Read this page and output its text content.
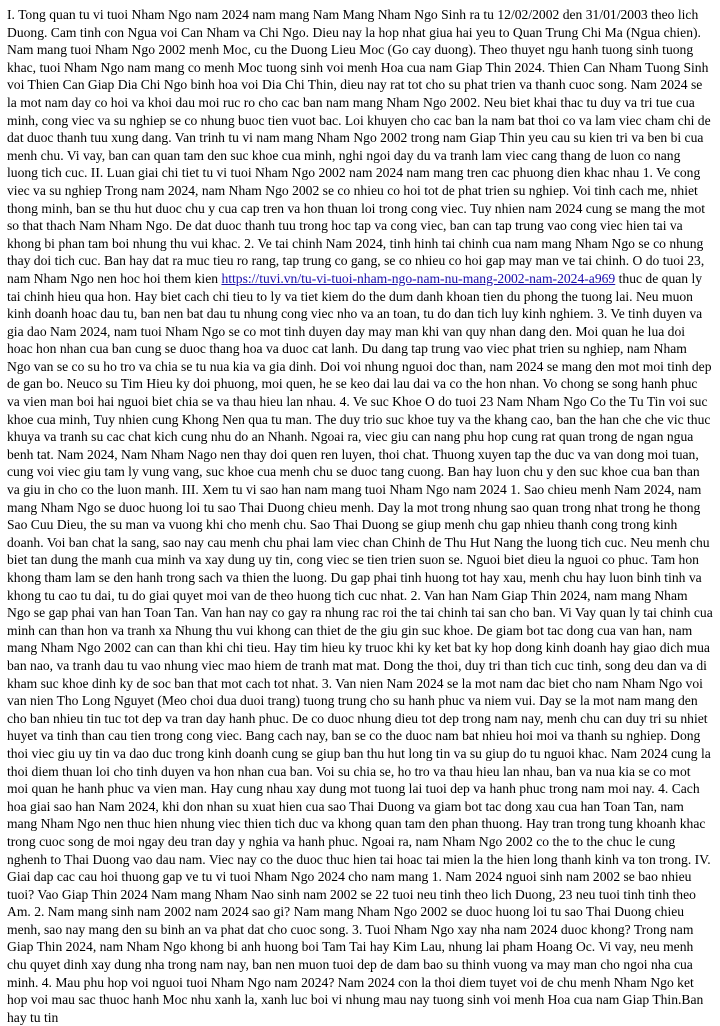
I. Tong quan tu vi tuoi Nham Ngo nam 2024 nam mang Nam Mang Nham Ngo Sinh ra tu 12/02/2002 den 31/01/2003 theo lich Duong. Cam tinh con Ngua voi Can Nham va Chi Ngo. Dieu nay la hop nhat giua hai yeu to Quan Trung Chi Ma (Ngua chien). Nam mang tuoi Nham Ngo 2002 menh Moc, cu the Duong Lieu Moc (Go cay duong). Theo thuyet ngu hanh tuong sinh tuong khac, tuoi Nham Ngo nam mang co menh Moc tuong sinh voi menh Hoa cua nam Giap Thin 2024. Thien Can Nham Tuong Sinh voi Thien Can Giap Dia Chi Ngo binh hoa voi Dia Chi Thin, dieu nay rat tot cho su phat trien va thanh cuoc song. Nam 2024 se la mot nam day co hoi va khoi dau moi ruc ro cho cac ban nam mang Nham Ngo 2002. Neu biet khai thac tu duy va tri tue cua minh, cong viec va su nghiep se co nhung buoc tien vuot bac. Loi khuyen cho cac ban la nam bat thoi co va lam viec cham chi de dat duoc thanh tuu xung dang. Van trinh tu vi nam mang Nham Ngo 2002 trong nam Giap Thin yeu cau su kien tri va ben bi cua menh chu. Vi vay, ban can quan tam den suc khoe cua minh, nghi ngoi day du va tranh lam viec cang thang de luon co nang luong tich cuc. II. Luan giai chi tiet tu vi tuoi Nham Ngo 2002 nam 2024 nam mang tren cac phuong dien khac nhau 1. Ve cong viec va su nghiep Trong nam 2024, nam Nham Ngo 2002 se co nhieu co hoi tot de phat trien su nghiep. Voi tinh cach me, nhiet thong minh, ban se thu hut duoc chu y cua cap tren va hon thuan loi trong cong viec. Tuy nhien nam 2024 cung se mang the mot so that thach Nam Nham Ngo. De dat duoc thanh tuu trong hoc tap va cong viec, ban can tap trung vao cong viec hien tai va khong bi phan tam boi nhung thu vui khac. 2. Ve tai chinh Nam 2024, tinh hinh tai chinh cua nam mang Nham Ngo se co nhung thay doi tich cuc. Ban hay dat ra muc tieu ro rang, tap trung co gang, se co nhieu co hoi gap may man ve tai chinh. O do tuoi 23, nam Nham Ngo nen hoc hoi them kien https://tuvi.vn/tu-vi-tuoi-nham-ngo-nam-nu-mang-2002-nam-2024-a969 thuc de quan ly tai chinh hieu qua hon. Hay biet cach chi tieu to ly va tiet kiem do the dum danh khoan tien du phong the tuong lai. Neu muon kinh doanh hoac dau tu, ban nen bat dau tu nhung cong viec nho va an toan, tu do dan tich luy kinh nghiem. 3. Ve tinh duyen va gia dao Nam 2024, nam tuoi Nham Ngo se co mot tinh duyen day may man khi van quy nhan dang den. Moi quan he lua doi hoac hon nhan cua ban cung se duoc thang hoa va duoc cat lanh. Du dang tap trung vao viec phat trien su nghiep, nam Nham Ngo van se co su ho tro va chia se tu nua kia va gia dinh. Doi voi nhung nguoi doc than, nam 2024 se mang den mot moi tinh dep de gan bo. Neuco su Tim Hieu ky doi phuong, moi quen, he se keo dai lau dai va co the hon nhan. Vo chong se song hanh phuc va vien man boi hai nguoi biet chia se va thau hieu lan nhau. 4. Ve suc Khoe O do tuoi 23 Nam Nham Ngo Co the Tu Tin voi suc khoe cua minh, Tuy nhien cung Khong Nen qua tu man. The duy trio suc khoe tuy va the khang cao, ban the han che che vic thuc khuya va tranh su cac chat kich cung nhu do an Nhanh. Ngoai ra, viec giu can nang phu hop cung rat quan trong de ngan ngua benh tat. Nam 2024, Nam Nham Nago nen thay doi quen ren luyen, thoi chat. Thuong xuyen tap the duc va van dong moi tuan, cung voi viec giu tam ly vung vang, suc khoe cua menh chu se duoc tang cuong. Ban hay luon chu y den suc khoe cua ban than va giu in cho co the luon manh. III. Xem tu vi sao han nam mang tuoi Nham Ngo nam 2024 1. Sao chieu menh Nam 2024, nam mang Nham Ngo se duoc huong loi tu sao Thai Duong chieu menh. Day la mot trong nhung sao quan trong nhat trong he thong Sao Cuu Dieu, the su man va vuong khi cho menh chu. Sao Thai Duong se giup menh chu gap nhieu thanh cong trong kinh doanh. Voi ban chat la sang, sao nay cau menh chu phai lam viec chan Chinh de Thu Hut Nang the luong tich cuc. Neu menh chu biet tan dung the manh cua minh va xay dung uy tin, cong viec se tien trien suon se. Nguoi biet dieu la nguoi co phuc. Tam hon khong tham lam se den hanh trong sach va thien the luong. Du gap phai tinh huong tot hay xau, menh chu hay luon binh tinh va khong tu cao tu dai, tu do giai quyet moi van de theo huong tich cuc nhat. 2. Van han Nam Giap Thin 2024, nam mang Nham Ngo se gap phai van han Toan Tan. Van han nay co gay ra nhung rac roi the tai chinh tai san cho ban. Vi Vay quan ly tai chinh cua minh can than hon va tranh xa Nhung thu vui khong can thiet de the giu gin suc khoe. De giam bot tac dong cua van han, nam mang Nham Ngo 2002 can can than khi chi tieu. Hay tim hieu ky truoc khi ky ket bat ky hop dong kinh doanh hay giao dich mua ban nao, va tranh dau tu vao nhung viec mao hiem de tranh mat mat. Dong the thoi, duy tri than tich cuc tinh, song deu dan va di kham suc khoe dinh ky de soc ban that mot cach tot nhat. 3. Van nien Nam 2024 se la mot nam dac biet cho nam Nham Ngo voi van nien Tho Long Nguyet (Meo choi dua duoi trang) tuong trung cho su hanh phuc va niem vui. Day se la mot nam mang den cho ban nhieu tin tuc tot dep va tran day hanh phuc. De co duoc nhung dieu tot dep trong nam nay, menh chu can duy tri su nhiet huyet va tinh than cau tien trong cong viec. Bang cach nay, ban se co the duoc nam bat nhieu hoi moi va thanh su nghiep. Dong thoi viec giu uy tin va dao duc trong kinh doanh cung se giup ban thu hut long tin va su giup do tu nguoi khac. Nam 2024 cung la thoi diem thuan loi cho tinh duyen va hon nhan cua ban. Voi su chia se, ho tro va thau hieu lan nhau, ban va nua kia se co mot moi quan he hanh phuc va vien man. Hay cung nhau xay dung mot tuong lai tuoi dep va hanh phuc trong nam moi nay. 4. Cach hoa giai sao han Nam 2024, khi don nhan su xuat hien cua sao Thai Duong va giam bot tac dong xau cua han Toan Tan, nam mang Nham Ngo nen thuc hien nhung viec thien tich duc va khong quan tam den phan thuong. Hay tran trong tung khoanh khac trong cuoc song de moi ngay deu tran day y nghia va hanh phuc. Ngoai ra, nam Nham Ngo 2002 co the to the chuc le cung nghenh to Thai Duong vao dau nam. Viec nay co the duoc thuc hien tai hoac tai mien la the hien long thanh kinh va ton trong. IV. Giai dap cac cau hoi thuong gap ve tu vi tuoi Nham Ngo 2024 cho nam mang 1. Nam 2024 nguoi sinh nam 2002 se bao nhieu tuoi? Vao Giap Thin 2024 Nam mang Nham Nao sinh nam 2002 se 22 tuoi neu tinh theo lich Duong, 23 neu tuoi tinh tinh theo Am. 2. Nam mang sinh nam 2002 nam 2024 sao gi? Nam mang Nham Ngo 2002 se duoc huong loi tu sao Thai Duong chieu menh, sao nay mang den su binh an va phat dat cho cuoc song. 3. Tuoi Nham Ngo xay nha nam 2024 duoc khong? Trong nam Giap Thin 2024, nam Nham Ngo khong bi anh huong boi Tam Tai hay Kim Lau, nhung lai pham Hoang Oc. Vi vay, neu menh chu quyet dinh xay dung nha trong nam nay, ban nen muon tuoi dep de dam bao su thinh vuong va may man cho ngoi nha cua minh. 4. Mau phu hop voi nguoi tuoi Nham Ngo nam 2024? Nam 2024 con la thoi diem tuyet voi de chu menh Nham Ngo ket hop voi mau sac thuoc hanh Moc nhu xanh la, xanh luc boi vi nhung mau nay tuong sinh voi menh Hoa cua nam Giap Thin.Ban hay tu tin
